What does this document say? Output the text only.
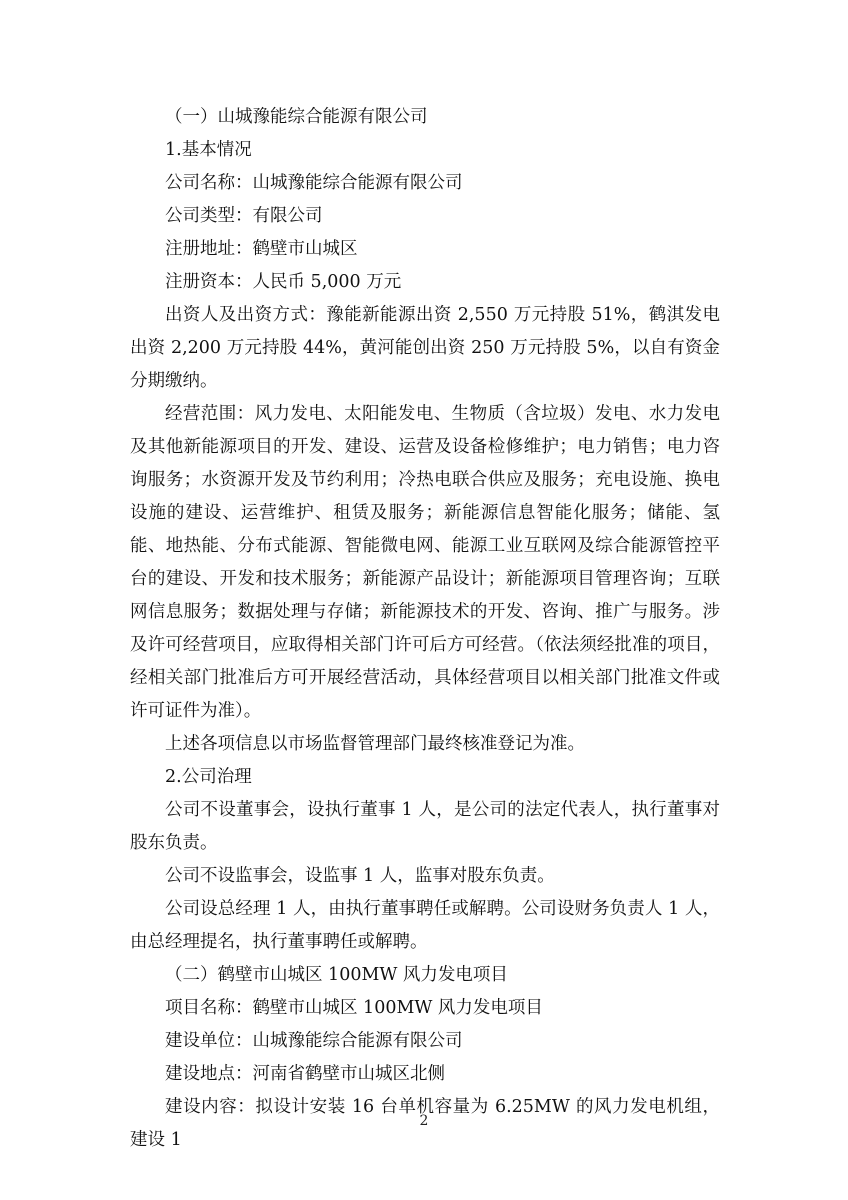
（一）山城豫能综合能源有限公司

1.基本情况

公司名称：山城豫能综合能源有限公司

公司类型：有限公司

注册地址：鹤壁市山城区

注册资本：人民币 5,000 万元

出资人及出资方式：豫能新能源出资 2,550 万元持股 51%，鹤淇发电出资 2,200 万元持股 44%，黄河能创出资 250 万元持股 5%，以自有资金分期缴纳。

经营范围：风力发电、太阳能发电、生物质（含垃圾）发电、水力发电及其他新能源项目的开发、建设、运营及设备检修维护；电力销售；电力咨询服务；水资源开发及节约利用；冷热电联合供应及服务；充电设施、换电设施的建设、运营维护、租赁及服务；新能源信息智能化服务；储能、氢能、地热能、分布式能源、智能微电网、能源工业互联网及综合能源管控平台的建设、开发和技术服务；新能源产品设计；新能源项目管理咨询；互联网信息服务；数据处理与存储；新能源技术的开发、咨询、推广与服务。涉及许可经营项目，应取得相关部门许可后方可经营。（依法须经批准的项目，经相关部门批准后方可开展经营活动，具体经营项目以相关部门批准文件或许可证件为准）。

上述各项信息以市场监督管理部门最终核准登记为准。

2.公司治理

公司不设董事会，设执行董事 1 人，是公司的法定代表人，执行董事对股东负责。

公司不设监事会，设监事 1 人，监事对股东负责。

公司设总经理 1 人，由执行董事聘任或解聘。公司设财务负责人 1 人，由总经理提名，执行董事聘任或解聘。

（二）鹤壁市山城区 100MW 风力发电项目

项目名称：鹤壁市山城区 100MW 风力发电项目

建设单位：山城豫能综合能源有限公司

建设地点：河南省鹤壁市山城区北侧

建设内容：拟设计安装 16 台单机容量为 6.25MW 的风力发电机组，建设 1

2
